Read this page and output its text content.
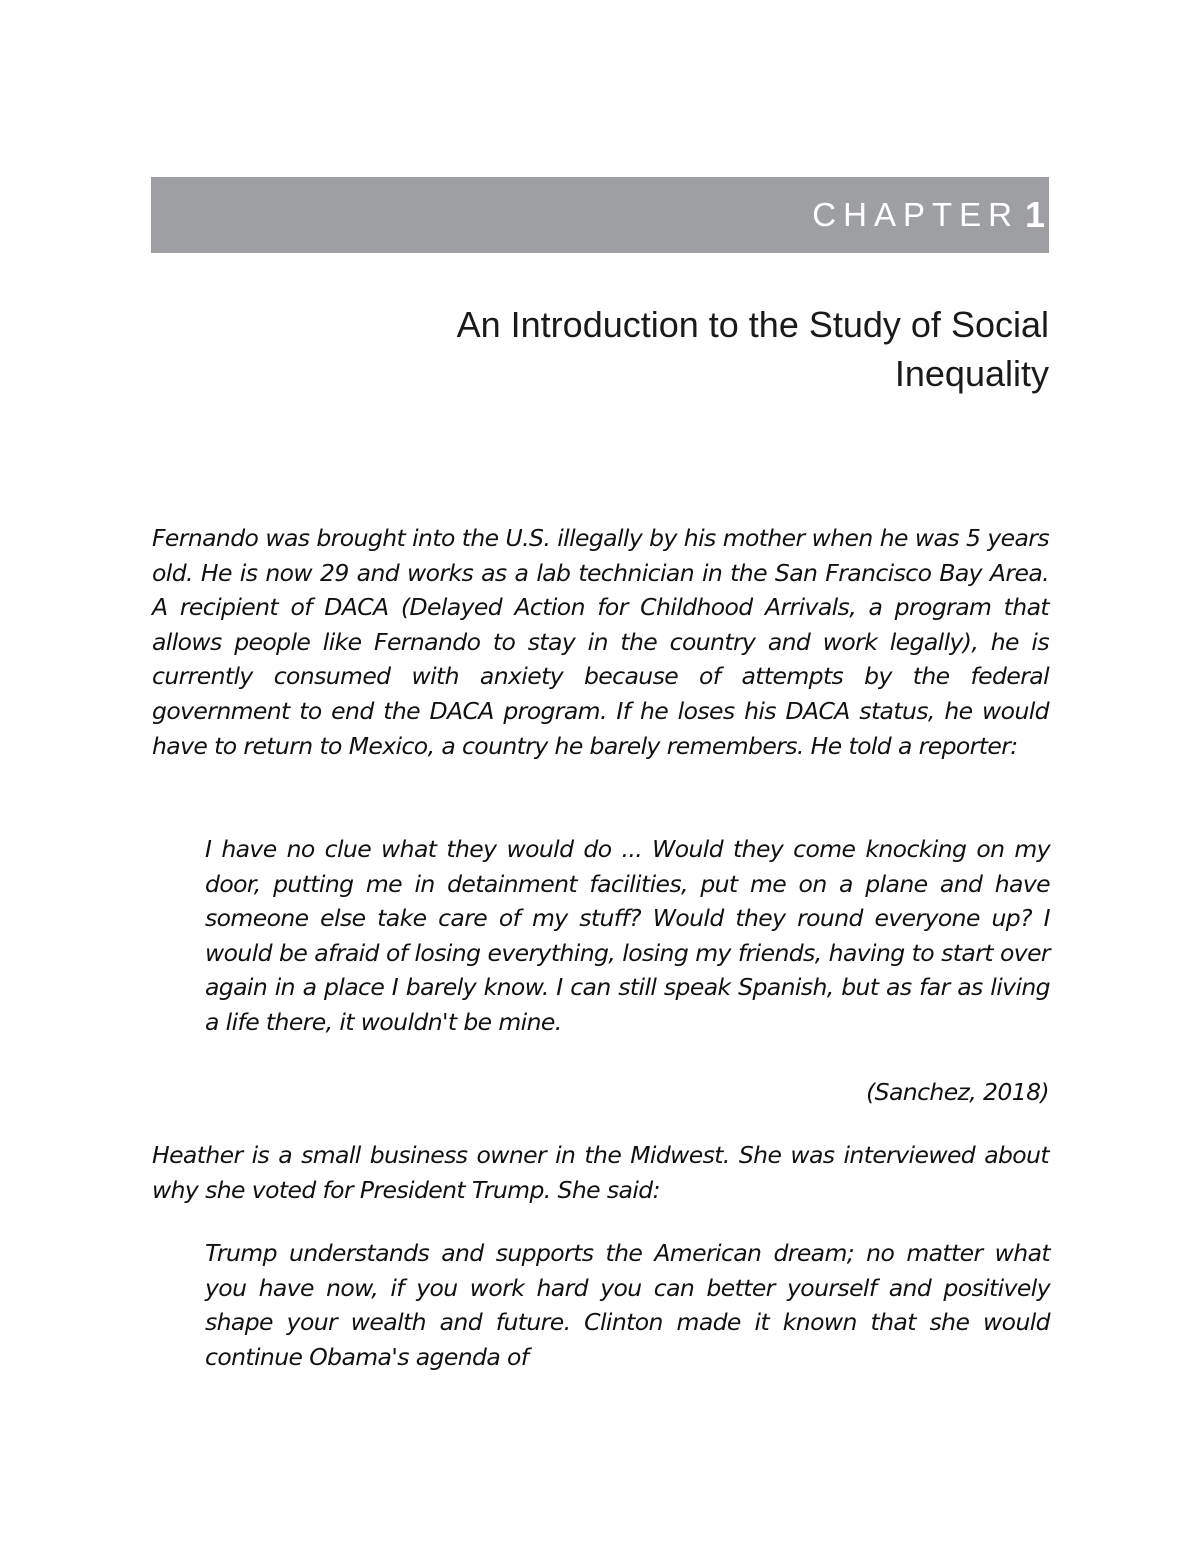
CHAPTER 1
An Introduction to the Study of Social Inequality

Fernando was brought into the U.S. illegally by his mother when he was 5 years old. He is now 29 and works as a lab technician in the San Francisco Bay Area. A recipient of DACA (Delayed Action for Childhood Arrivals, a program that allows people like Fernando to stay in the country and work legally), he is currently consumed with anxiety because of attempts by the federal government to end the DACA program. If he loses his DACA status, he would have to return to Mexico, a country he barely remembers. He told a reporter:

I have no clue what they would do ... Would they come knocking on my door, putting me in detainment facilities, put me on a plane and have someone else take care of my stuff? Would they round everyone up? I would be afraid of losing everything, losing my friends, having to start over again in a place I barely know. I can still speak Spanish, but as far as living a life there, it wouldn't be mine.

(Sanchez, 2018)

Heather is a small business owner in the Midwest. She was interviewed about why she voted for President Trump. She said:

Trump understands and supports the American dream; no matter what you have now, if you work hard you can better yourself and positively shape your wealth and future. Clinton made it known that she would continue Obama's agenda of
